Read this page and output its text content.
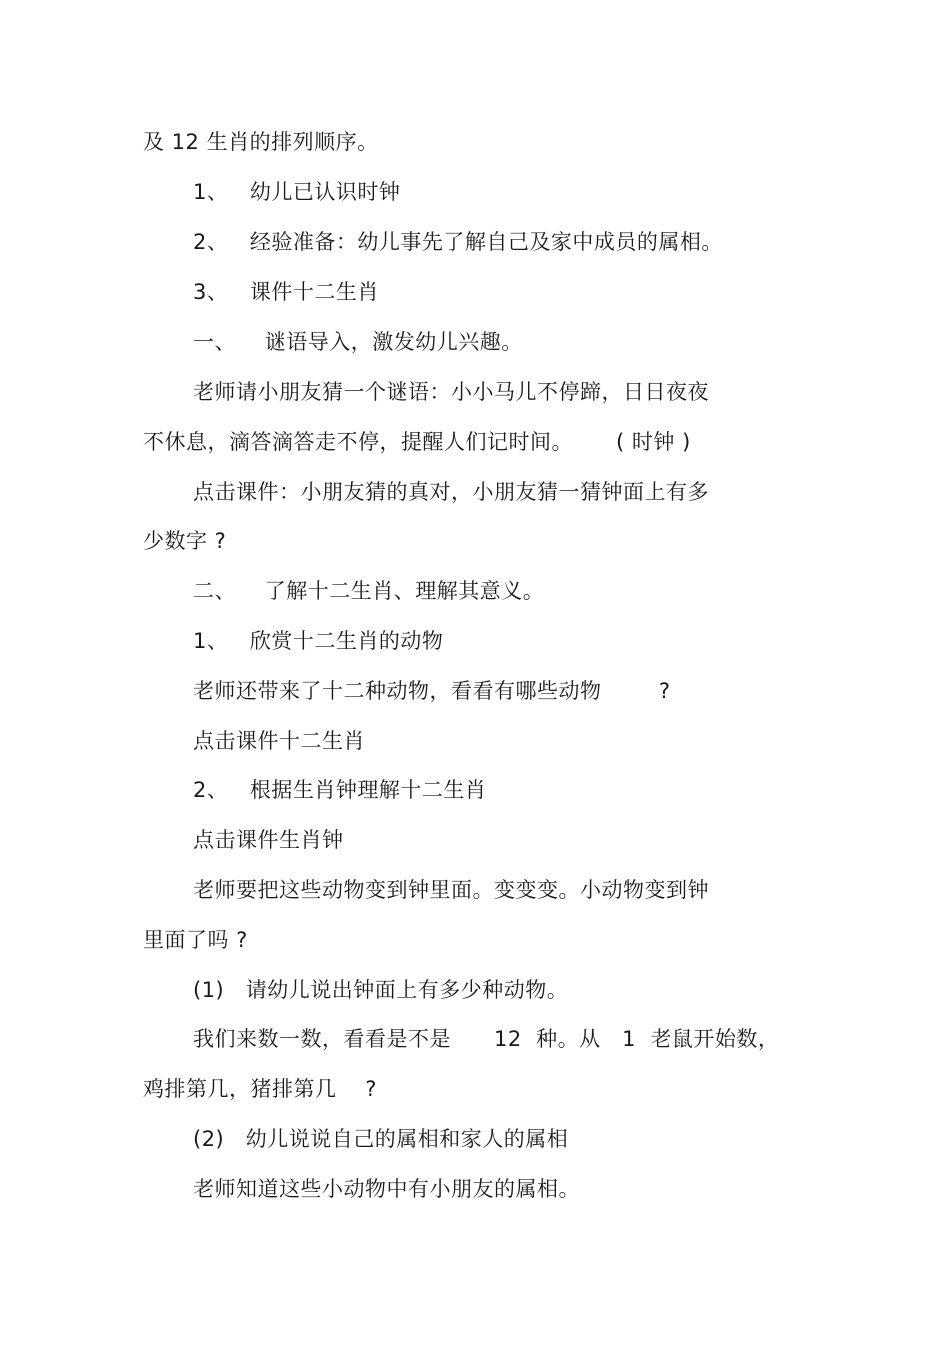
及 12 生肖的排列顺序。
1、   幼儿已认识时钟
2、   经验准备：幼儿事先了解自己及家中成员的属相。
3、   课件十二生肖
一、    谜语导入，激发幼儿兴趣。
老师请小朋友猜一个谜语：小小马儿不停蹄，日日夜夜
不休息，滴答滴答走不停，提醒人们记时间。      ( 时钟 )
点击课件：小朋友猜的真对，小朋友猜一猜钟面上有多
少数字 ?
二、    了解十二生肖、理解其意义。
1、   欣赏十二生肖的动物
老师还带来了十二种动物，看看有哪些动物        ?
点击课件十二生肖
2、   根据生肖钟理解十二生肖
点击课件生肖钟
老师要把这些动物变到钟里面。变变变。小动物变到钟
里面了吗 ?
(1)   请幼儿说出钟面上有多少种动物。
我们来数一数，看看是不是      12  种。从   1  老鼠开始数，
鸡排第几，猪排第几    ?
(2)   幼儿说说自己的属相和家人的属相
老师知道这些小动物中有小朋友的属相。
